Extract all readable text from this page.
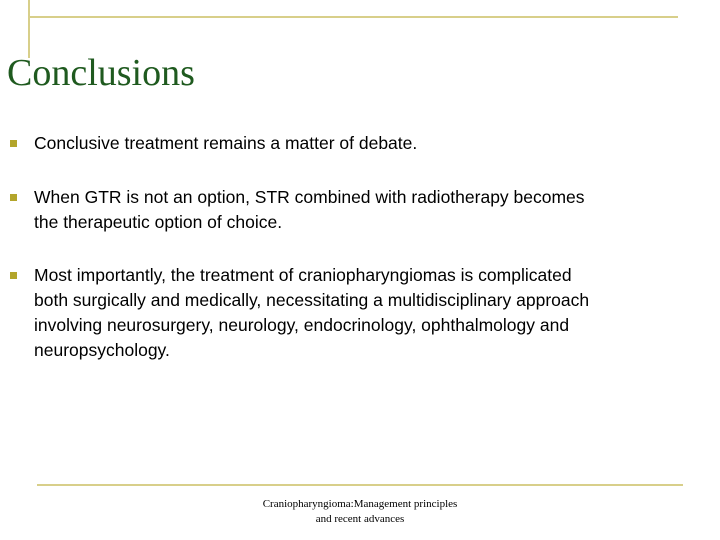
Conclusions
Conclusive treatment remains a matter of debate.
When GTR is not an option, STR combined with radiotherapy becomes the therapeutic option of choice.
Most importantly, the treatment of craniopharyngiomas is complicated both surgically and medically, necessitating a multidisciplinary approach involving neurosurgery, neurology, endocrinology, ophthalmology and neuropsychology.

Craniopharyngioma:Management principles
and recent advances
